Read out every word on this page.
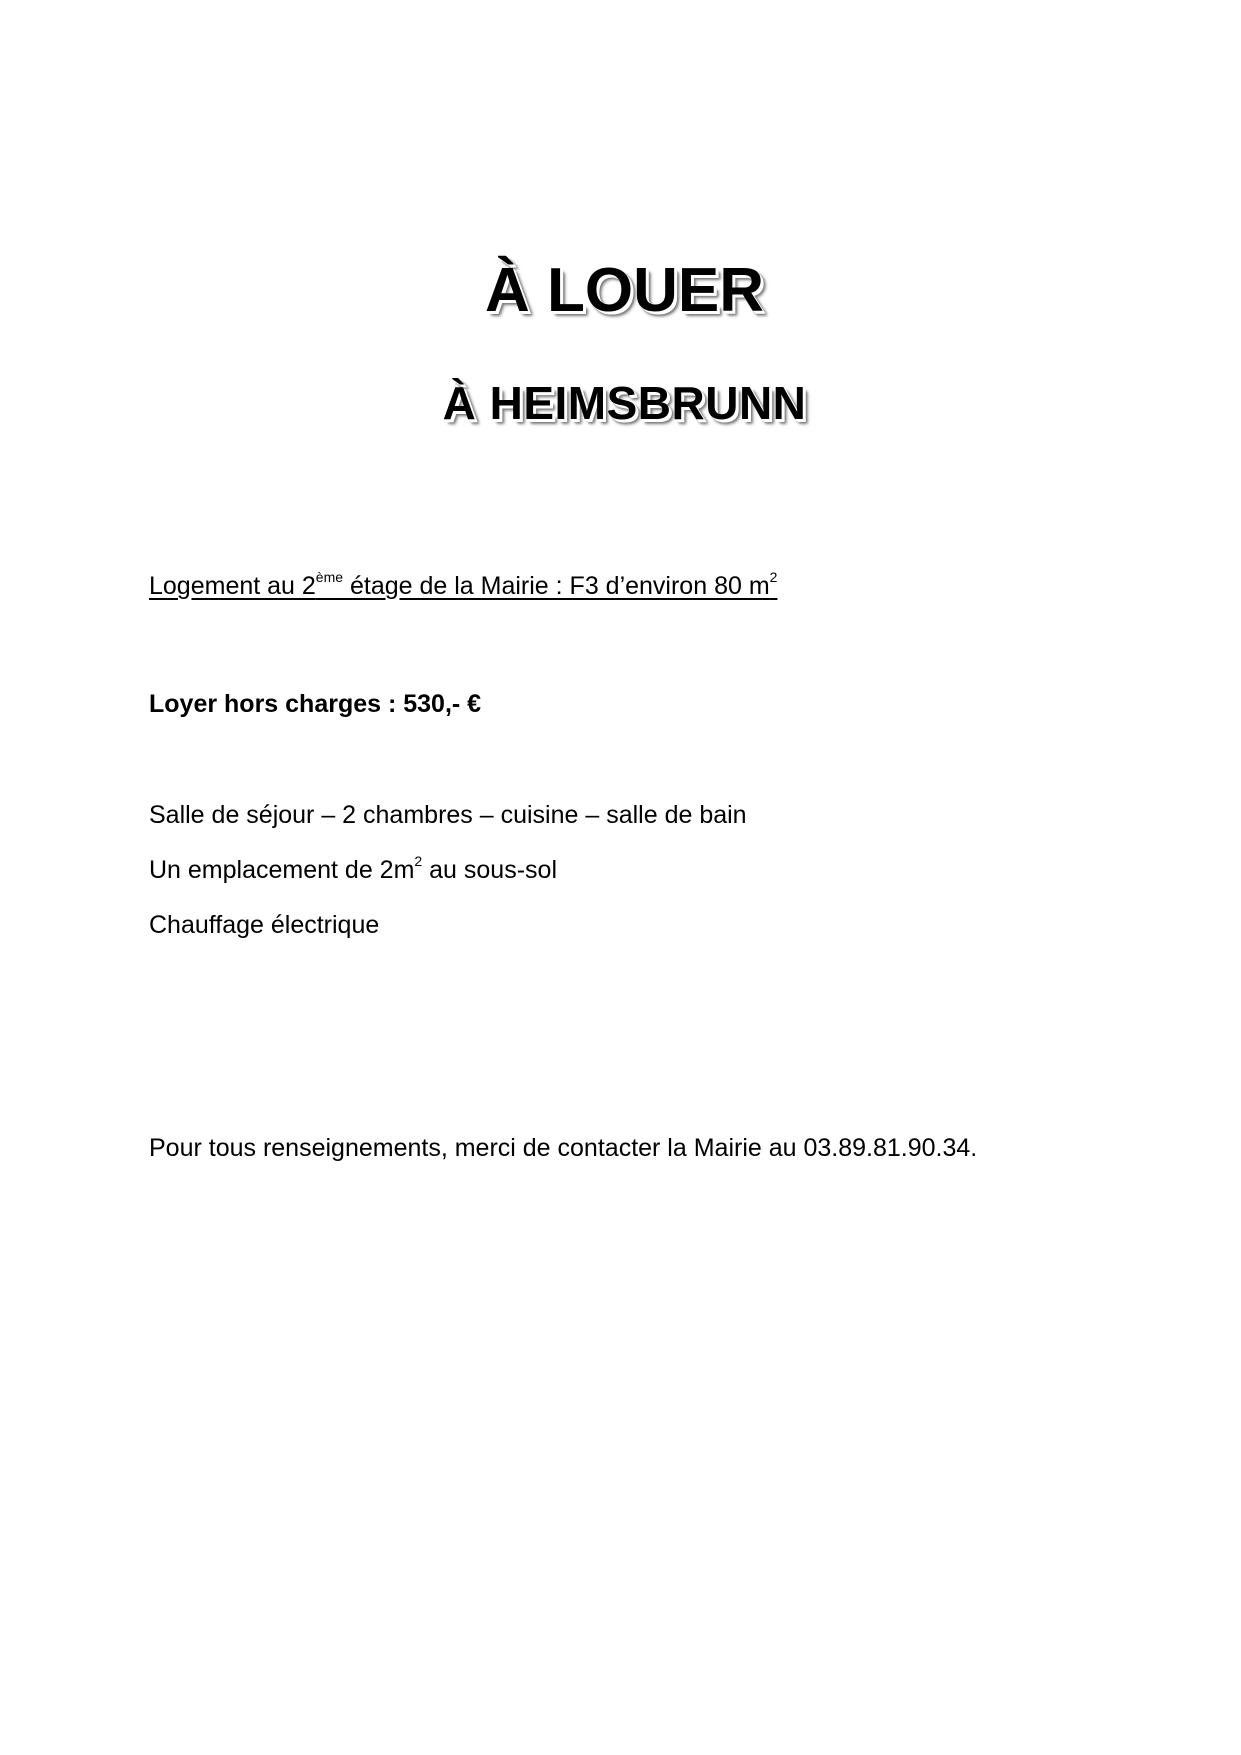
À LOUER
À HEIMSBRUNN

Logement au 2ème étage de la Mairie : F3 d’environ 80 $m^2$

Loyer hors charges : 530,- €

Salle de séjour – 2 chambres – cuisine – salle de bain

Un emplacement de $2m^2$ au sous-sol

Chauffage électrique

Pour tous renseignements, merci de contacter la Mairie au 03.89.81.90.34.
